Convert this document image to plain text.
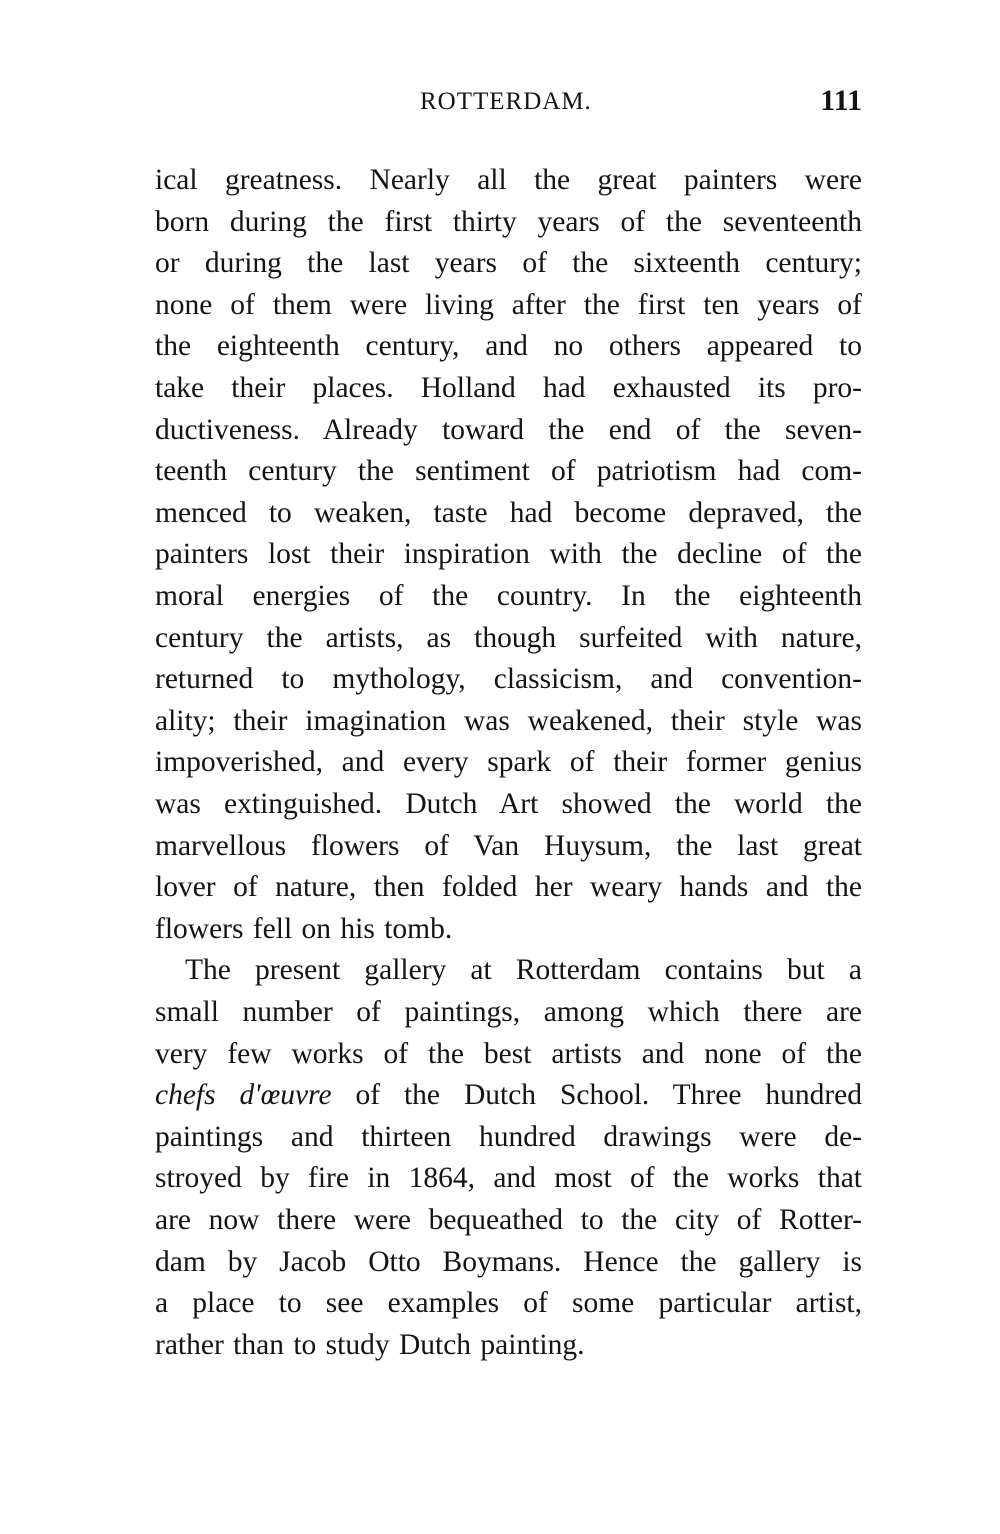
ROTTERDAM.	111
ical greatness. Nearly all the great painters were
born during the first thirty years of the seventeenth
or during the last years of the sixteenth century;
none of them were living after the first ten years of
the eighteenth century, and no others appeared to
take their places. Holland had exhausted its pro-
ductiveness. Already toward the end of the seven-
teenth century the sentiment of patriotism had com-
menced to weaken, taste had become depraved, the
painters lost their inspiration with the decline of the
moral energies of the country. In the eighteenth
century the artists, as though surfeited with nature,
returned to mythology, classicism, and convention-
ality; their imagination was weakened, their style was
impoverished, and every spark of their former genius
was extinguished. Dutch Art showed the world the
marvellous flowers of Van Huysum, the last great
lover of nature, then folded her weary hands and the
flowers fell on his tomb.
The present gallery at Rotterdam contains but a
small number of paintings, among which there are
very few works of the best artists and none of the
chefs d'œuvre of the Dutch School. Three hundred
paintings and thirteen hundred drawings were de-
stroyed by fire in 1864, and most of the works that
are now there were bequeathed to the city of Rotter-
dam by Jacob Otto Boymans. Hence the gallery is
a place to see examples of some particular artist,
rather than to study Dutch painting.
